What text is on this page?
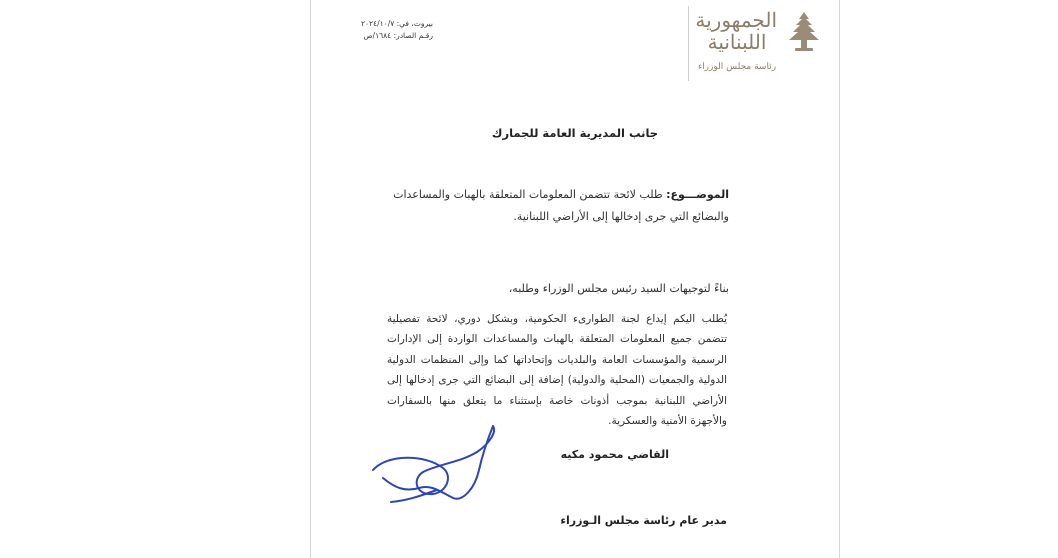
الجمهورية
اللبنانية
رئاسة مجلس الوزراء
بيروت، في: ٢٠٢٤/١٠/٧
رقـم الصادر: ١٦٨٤/ص
جانب المديرية العامة للجمارك
الموضـــوع: طلب لائحة تتضمن المعلومات المتعلقة بالهبات والمساعدات والبضائع التي جرى إدخالها إلى الأراضي اللبنانية.
بناءً لتوجيهات السيد رئيس مجلس الوزراء وطلبه،
يُطلب اليكم إيداع لجنة الطوارىء الحكومية، وبشكل دوري، لائحة تفصيلية تتضمن جميع المعلومات المتعلقة بالهبات والمساعدات الواردة إلى الإدارات الرسمية والمؤسسات العامة والبلديات وإتحاداتها كما وإلى المنظمات الدولية الدولية والجمعيات (المحلية والدولية) إضافة إلى البضائع التي جرى إدخالها إلى الأراضي اللبنانية بموجب أذونات خاصة بإستثناء ما يتعلق منها بالسفارات والأجهزة الأمنية والعسكرية.
القاضي محمود مكيه
مدير عام رئاسة مجلس الـوزراء
